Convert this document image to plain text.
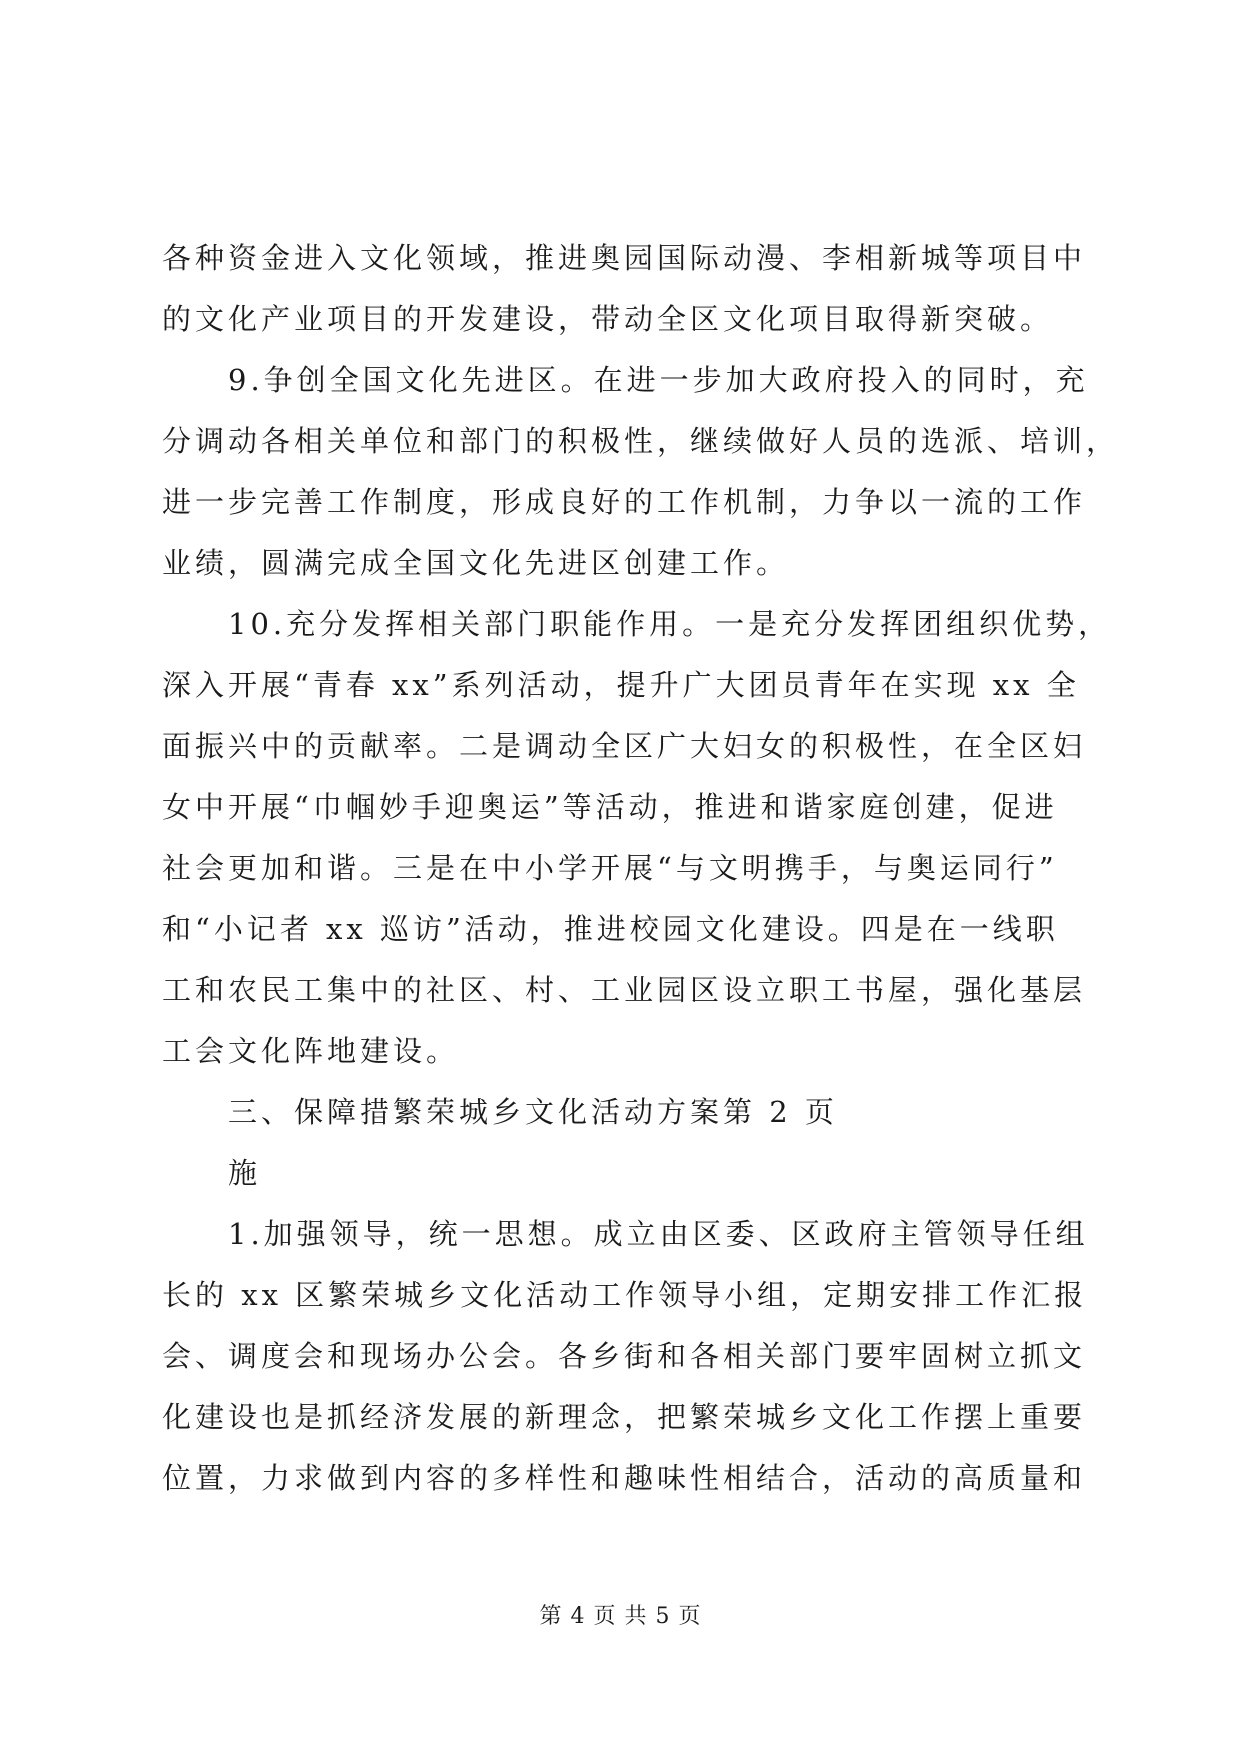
各种资金进入文化领域，推进奥园国际动漫、李相新城等项目中
的文化产业项目的开发建设，带动全区文化项目取得新突破。
9.争创全国文化先进区。在进一步加大政府投入的同时，充
分调动各相关单位和部门的积极性，继续做好人员的选派、培训，
进一步完善工作制度，形成良好的工作机制，力争以一流的工作
业绩，圆满完成全国文化先进区创建工作。
10.充分发挥相关部门职能作用。一是充分发挥团组织优势，
深入开展“青春 xx”系列活动，提升广大团员青年在实现 xx 全
面振兴中的贡献率。二是调动全区广大妇女的积极性，在全区妇
女中开展“巾帼妙手迎奥运”等活动，推进和谐家庭创建，促进
社会更加和谐。三是在中小学开展“与文明携手，与奥运同行”
和“小记者 xx 巡访”活动，推进校园文化建设。四是在一线职
工和农民工集中的社区、村、工业园区设立职工书屋，强化基层
工会文化阵地建设。
三、保障措繁荣城乡文化活动方案第 2 页
施
1.加强领导，统一思想。成立由区委、区政府主管领导任组
长的 xx 区繁荣城乡文化活动工作领导小组，定期安排工作汇报
会、调度会和现场办公会。各乡街和各相关部门要牢固树立抓文
化建设也是抓经济发展的新理念，把繁荣城乡文化工作摆上重要
位置，力求做到内容的多样性和趣味性相结合，活动的高质量和
第 4 页 共 5 页
